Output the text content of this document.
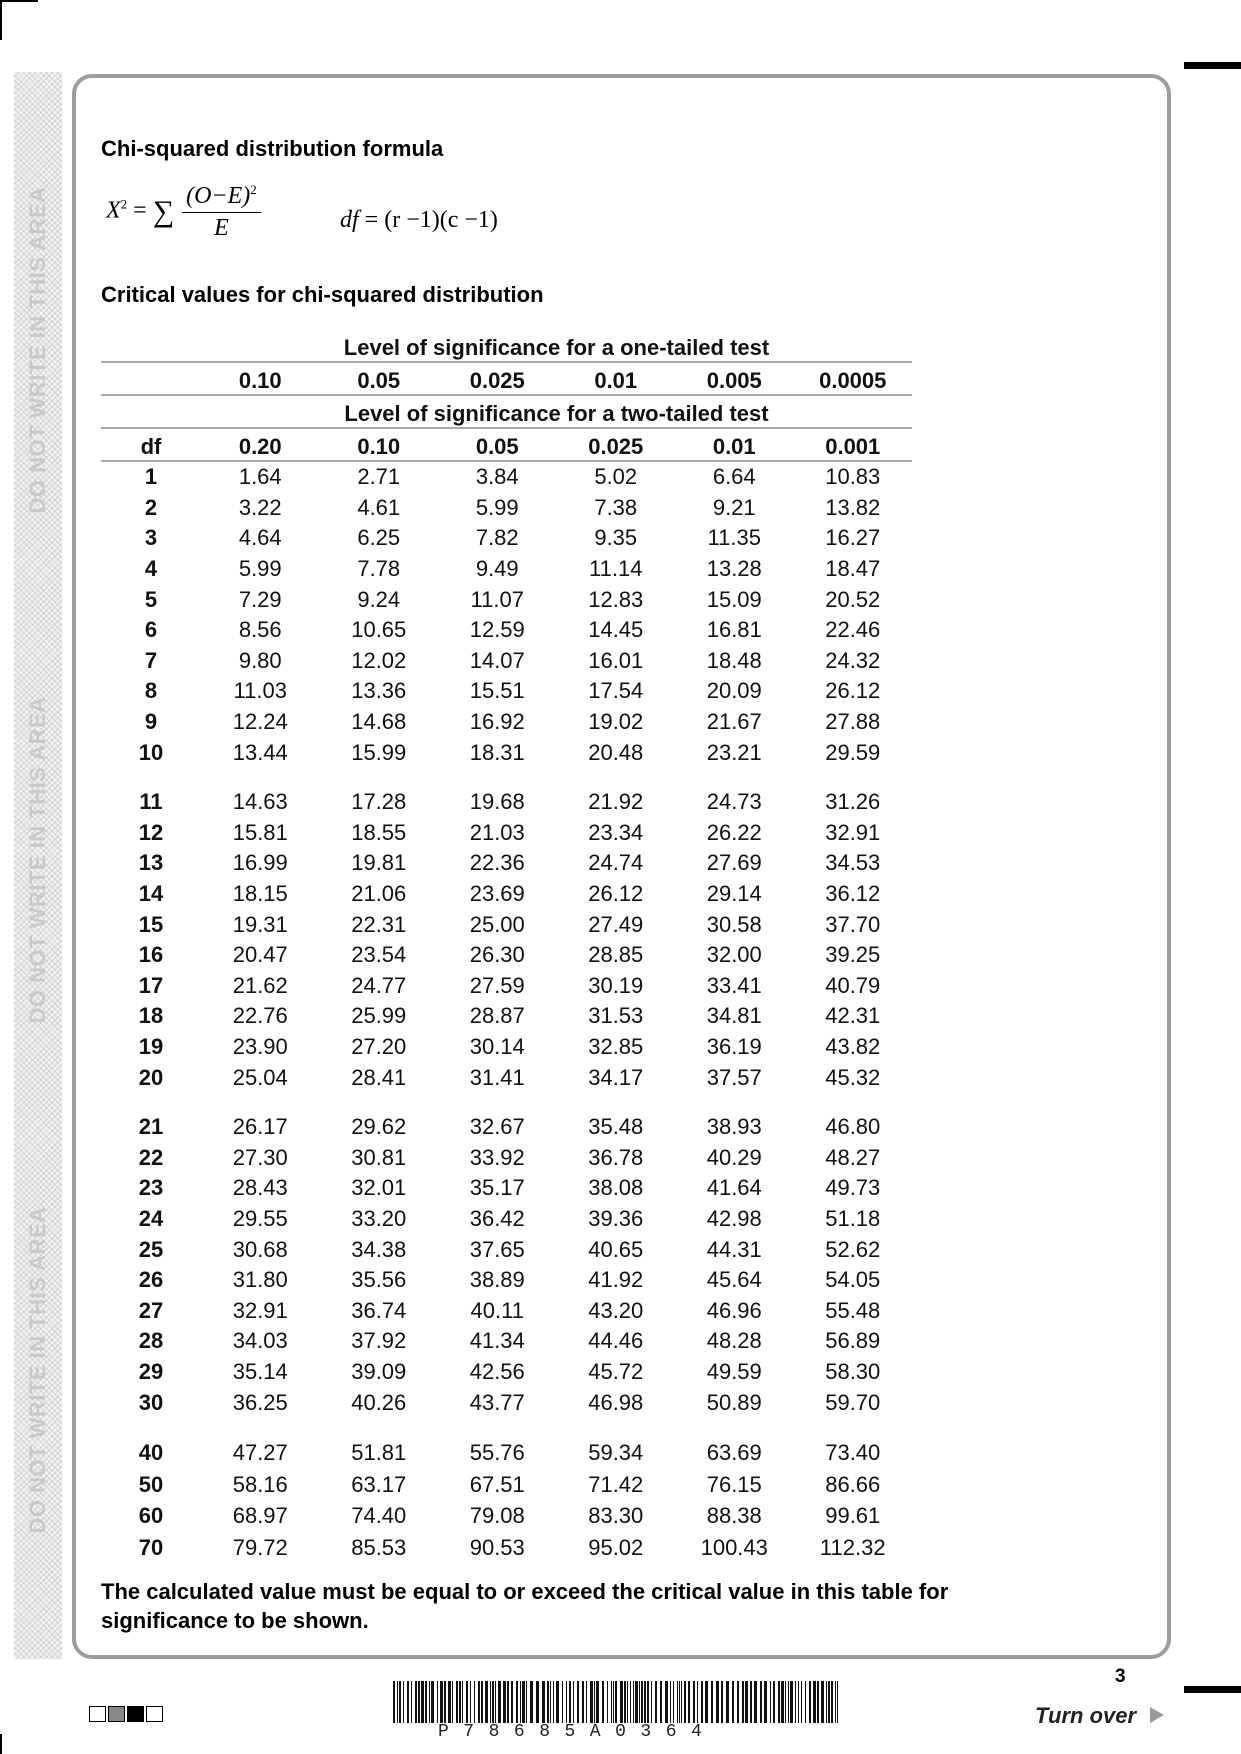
DO NOT WRITE IN THIS AREA
DO NOT WRITE IN THIS AREA
DO NOT WRITE IN THIS AREA
Chi-squared distribution formula
$X^2$ = ∑ $\frac{(O-E)^2}{E}$	df = (r −1)(c −1)
Critical values for chi-squared distribution
	Level of significance for a one-tailed test					
	0.10	0.05	0.025	0.01	0.005	0.0005
	Level of significance for a two-tailed test					
df	0.20	0.10	0.05	0.025	0.01	0.001
1	1.64	2.71	3.84	5.02	6.64	10.83
2	3.22	4.61	5.99	7.38	9.21	13.82
3	4.64	6.25	7.82	9.35	11.35	16.27
4	5.99	7.78	9.49	11.14	13.28	18.47
5	7.29	9.24	11.07	12.83	15.09	20.52
6	8.56	10.65	12.59	14.45	16.81	22.46
7	9.80	12.02	14.07	16.01	18.48	24.32
8	11.03	13.36	15.51	17.54	20.09	26.12
9	12.24	14.68	16.92	19.02	21.67	27.88
10	13.44	15.99	18.31	20.48	23.21	29.59

11	14.63	17.28	19.68	21.92	24.73	31.26
12	15.81	18.55	21.03	23.34	26.22	32.91
13	16.99	19.81	22.36	24.74	27.69	34.53
14	18.15	21.06	23.69	26.12	29.14	36.12
15	19.31	22.31	25.00	27.49	30.58	37.70
16	20.47	23.54	26.30	28.85	32.00	39.25
17	21.62	24.77	27.59	30.19	33.41	40.79
18	22.76	25.99	28.87	31.53	34.81	42.31
19	23.90	27.20	30.14	32.85	36.19	43.82
20	25.04	28.41	31.41	34.17	37.57	45.32

21	26.17	29.62	32.67	35.48	38.93	46.80
22	27.30	30.81	33.92	36.78	40.29	48.27
23	28.43	32.01	35.17	38.08	41.64	49.73
24	29.55	33.20	36.42	39.36	42.98	51.18
25	30.68	34.38	37.65	40.65	44.31	52.62
26	31.80	35.56	38.89	41.92	45.64	54.05
27	32.91	36.74	40.11	43.20	46.96	55.48
28	34.03	37.92	41.34	44.46	48.28	56.89
29	35.14	39.09	42.56	45.72	49.59	58.30
30	36.25	40.26	43.77	46.98	50.89	59.70

40	47.27	51.81	55.76	59.34	63.69	73.40
50	58.16	63.17	67.51	71.42	76.15	86.66
60	68.97	74.40	79.08	83.30	88.38	99.61
70	79.72	85.53	90.53	95.02	100.43	112.32
The calculated value must be equal to or exceed the critical value in this table for significance to be shown.
P78685A0364
3
Turn over
